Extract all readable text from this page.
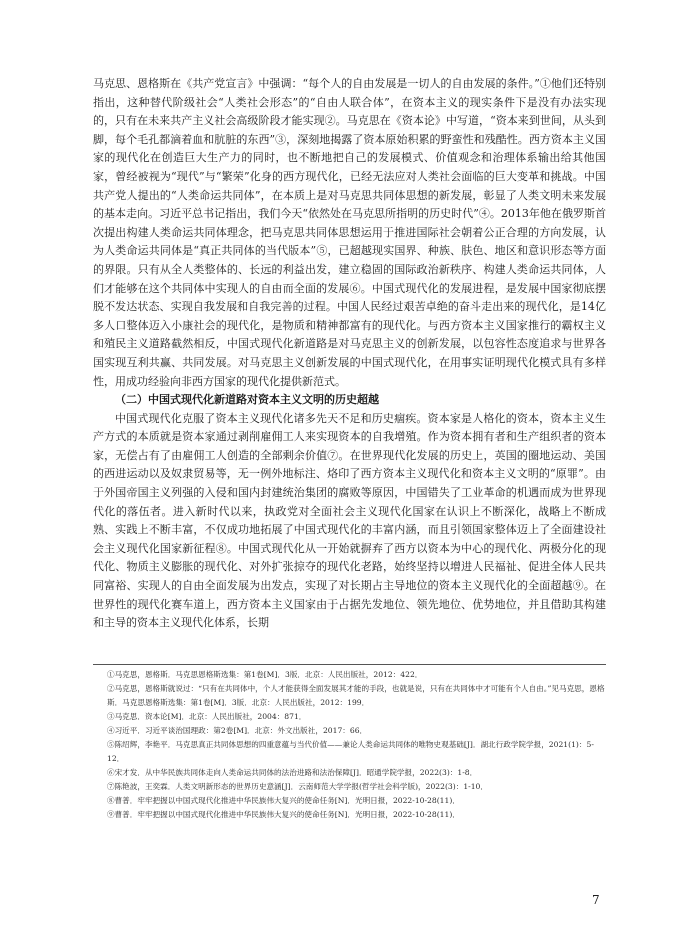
马克思、恩格斯在《共产党宣言》中强调：“每个人的自由发展是一切人的自由发展的条件。”①他们还特别指出，这种替代阶级社会“人类社会形态”的“自由人联合体”，在资本主义的现实条件下是没有办法实现的，只有在未来共产主义社会高级阶段才能实现②。马克思在《资本论》中写道，“资本来到世间，从头到脚，每个毛孔都滴着血和肮脏的东西”③，深刻地揭露了资本原始积累的野蛮性和残酷性。西方资本主义国家的现代化在创造巨大生产力的同时，也不断地把自己的发展模式、价值观念和治理体系输出给其他国家，曾经被视为“现代”与“繁荣”化身的西方现代化，已经无法应对人类社会面临的巨大变革和挑战。中国共产党人提出的“人类命运共同体”，在本质上是对马克思共同体思想的新发展，彰显了人类文明未来发展的基本走向。习近平总书记指出，我们今天“依然处在马克思所指明的历史时代”④。2013年他在俄罗斯首次提出构建人类命运共同体理念，把马克思共同体思想运用于推进国际社会朝着公正合理的方向发展，认为人类命运共同体是“真正共同体的当代版本”⑤，已超越现实国界、种族、肤色、地区和意识形态等方面的界限。只有从全人类整体的、长远的利益出发，建立稳固的国际政治新秩序、构建人类命运共同体，人们才能够在这个共同体中实现人的自由而全面的发展⑥。中国式现代化的发展进程，是发展中国家彻底摆脱不发达状态、实现自我发展和自我完善的过程。中国人民经过艰苦卓绝的奋斗走出来的现代化，是14亿多人口整体迈入小康社会的现代化，是物质和精神都富有的现代化。与西方资本主义国家推行的霸权主义和殖民主义道路截然相反，中国式现代化新道路是对马克思主义的创新发展，以包容性态度追求与世界各国实现互利共赢、共同发展。对马克思主义创新发展的中国式现代化，在用事实证明现代化模式具有多样性，用成功经验向非西方国家的现代化提供新范式。

（二）中国式现代化新道路对资本主义文明的历史超越

中国式现代化克服了资本主义现代化诸多先天不足和历史痼疾。资本家是人格化的资本，资本主义生产方式的本质就是资本家通过剥削雇佣工人来实现资本的自我增殖。作为资本拥有者和生产组织者的资本家，无偿占有了由雇佣工人创造的全部剩余价值⑦。在世界现代化发展的历史上，英国的圈地运动、美国的西进运动以及奴隶贸易等，无一例外地标注、烙印了西方资本主义现代化和资本主义文明的“原罪”。由于外国帝国主义列强的入侵和国内封建统治集团的腐败等原因，中国错失了工业革命的机遇而成为世界现代化的落伍者。进入新时代以来，执政党对全面社会主义现代化国家在认识上不断深化，战略上不断成熟、实践上不断丰富，不仅成功地拓展了中国式现代化的丰富内涵，而且引领国家整体迈上了全面建设社会主义现代化国家新征程⑧。中国式现代化从一开始就摒弃了西方以资本为中心的现代化、两极分化的现代化、物质主义膨胀的现代化、对外扩张掠夺的现代化老路，始终坚持以增进人民福祉、促进全体人民共同富裕、实现人的自由全面发展为出发点，实现了对长期占主导地位的资本主义现代化的全面超越⑨。在世界性的现代化赛车道上，西方资本主义国家由于占据先发地位、领先地位、优势地位，并且借助其构建和主导的资本主义现代化体系，长期

①马克思，恩格斯．马克思恩格斯选集：第1卷[M]．3版．北京：人民出版社，2012：422．
②马克思，恩格斯就说过：“只有在共同体中，个人才能获得全面发展其才能的手段，也就是说，只有在共同体中才可能有个人自由。”见马克思，恩格斯．马克思恩格斯选集：第1卷[M]．3版．北京：人民出版社，2012：199．
③马克思．资本论[M]．北京：人民出版社，2004：871．
④习近平．习近平谈治国理政：第2卷[M]．北京：外文出版社，2017：66．
⑤陈绍辉，李艳平．马克思真正共同体思想的四重意蕴与当代价值——兼论人类命运共同体的唯物史观基础[J]．湖北行政学院学报，2021(1)：5-12．
⑥宋才发．从中华民族共同体走向人类命运共同体的法治进路和法治保障[J]．昭通学院学报，2022(3)：1-8．
⑦陈艳波，王奕霖．人类文明新形态的世界历史意涵[J]．云南师范大学学报(哲学社会科学版)，2022(3)：1-10．
⑧曹普．牢牢把握以中国式现代化推进中华民族伟大复兴的使命任务[N]．光明日报，2022-10-28(11)．
⑨曹普．牢牢把握以中国式现代化推进中华民族伟大复兴的使命任务[N]．光明日报，2022-10-28(11)．
7
